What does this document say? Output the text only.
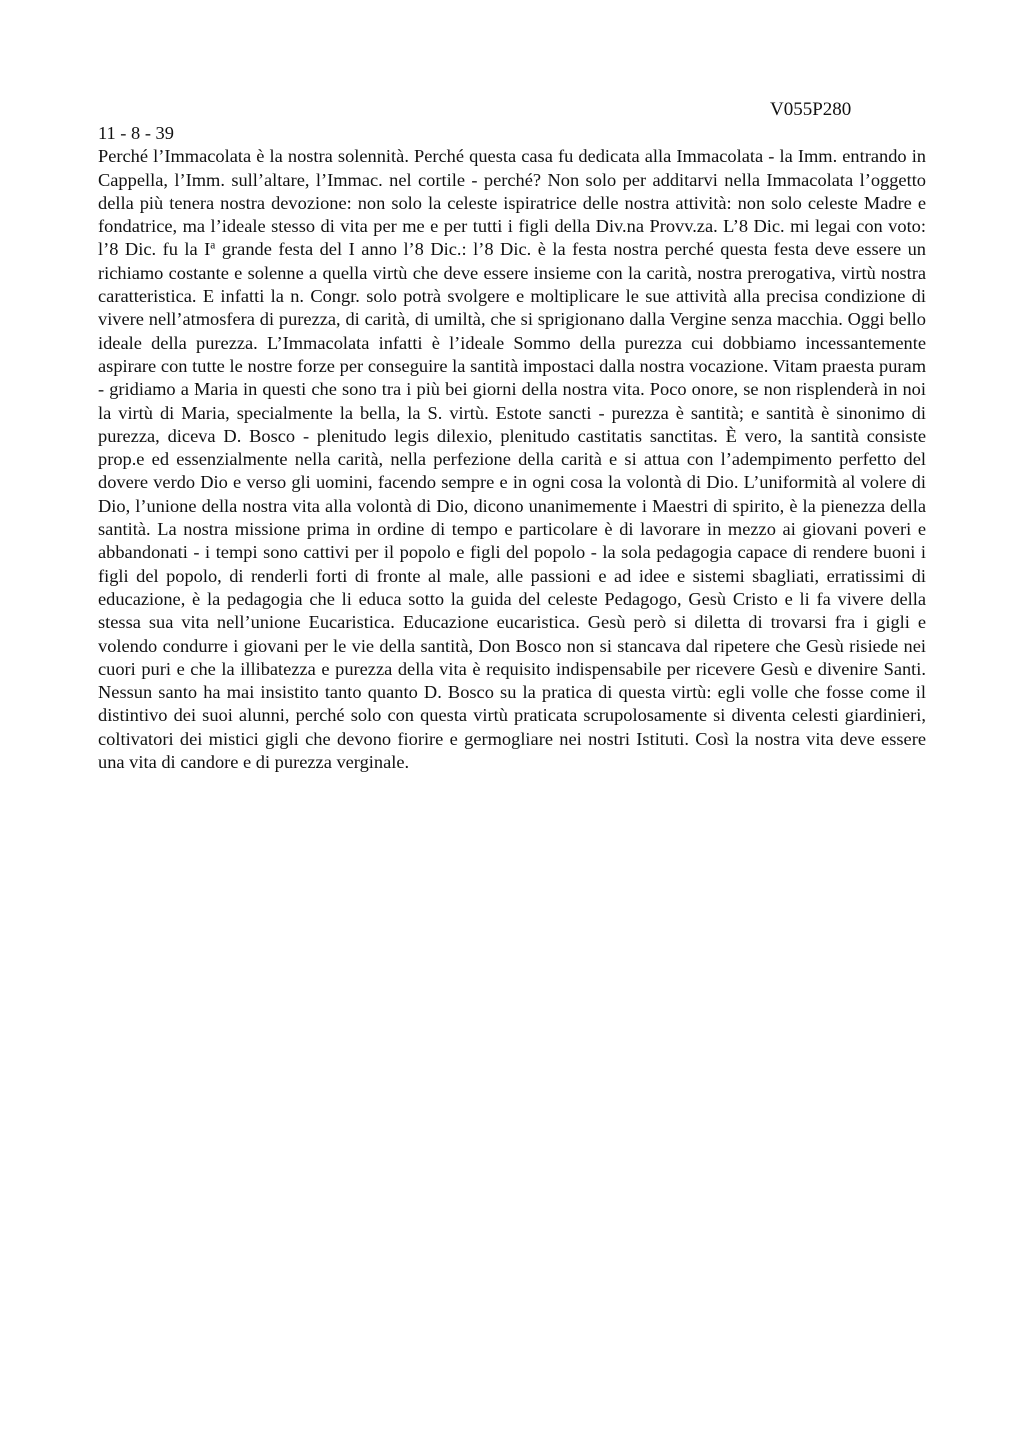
V055P280
11 - 8 - 39
Perché l’Immacolata è la nostra solennità. Perché questa casa fu dedicata alla Immacolata - la Imm. entrando in Cappella, l’Imm. sull’altare, l’Immac. nel cortile - perché? Non solo per additarvi nella Immacolata l’oggetto della più tenera nostra devozione: non solo la celeste ispiratrice delle nostra attività: non solo celeste Madre e fondatrice, ma l’ideale stesso di vita per me e per tutti i figli della Div.na Provv.za. L’8 Dic. mi legai con voto: l’8 Dic. fu la $I^a$ grande festa del I anno l’8 Dic.: l’8 Dic. è la festa nostra perché questa festa deve essere un richiamo costante e solenne a quella virtù che deve essere insieme con la carità, nostra prerogativa, virtù nostra caratteristica. E infatti la n. Congr. solo potrà svolgere e moltiplicare le sue attività alla precisa condizione di vivere nell’atmosfera di purezza, di carità, di umiltà, che si sprigionano dalla Vergine senza macchia. Oggi bello ideale della purezza. L’Immacolata infatti è l’ideale Sommo della purezza cui dobbiamo incessantemente aspirare con tutte le nostre forze per conseguire la santità impostaci dalla nostra vocazione. Vitam praesta puram - gridiamo a Maria in questi che sono tra i più bei giorni della nostra vita. Poco onore, se non risplenderà in noi la virtù di Maria, specialmente la bella, la S. virtù. Estote sancti - purezza è santità; e santità è sinonimo di purezza, diceva D. Bosco - plenitudo legis dilexio, plenitudo castitatis sanctitas. È vero, la santità consiste prop.e ed essenzialmente nella carità, nella perfezione della carità e si attua con l’adempimento perfetto del dovere verdo Dio e verso gli uomini, facendo sempre e in ogni cosa la volontà di Dio. L’uniformità al volere di Dio, l’unione della nostra vita alla volontà di Dio, dicono unanimemente i Maestri di spirito, è la pienezza della santità. La nostra missione prima in ordine di tempo e particolare è di lavorare in mezzo ai giovani poveri e abbandonati - i tempi sono cattivi per il popolo e figli del popolo - la sola pedagogia capace di rendere buoni i figli del popolo, di renderli forti di fronte al male, alle passioni e ad idee e sistemi sbagliati, erratissimi di educazione, è la pedagogia che li educa sotto la guida del celeste Pedagogo, Gesù Cristo e li fa vivere della stessa sua vita nell’unione Eucaristica. Educazione eucaristica. Gesù però si diletta di trovarsi fra i gigli e volendo condurre i giovani per le vie della santità, Don Bosco non si stancava dal ripetere che Gesù risiede nei cuori puri e che la illibatezza e purezza della vita è requisito indispensabile per ricevere Gesù e divenire Santi. Nessun santo ha mai insistito tanto quanto D. Bosco su la pratica di questa virtù: egli volle che fosse come il distintivo dei suoi alunni, perché solo con questa virtù praticata scrupolosamente si diventa celesti giardinieri, coltivatori dei mistici gigli che devono fiorire e germogliare nei nostri Istituti. Così la nostra vita deve essere una vita di candore e di purezza verginale.
